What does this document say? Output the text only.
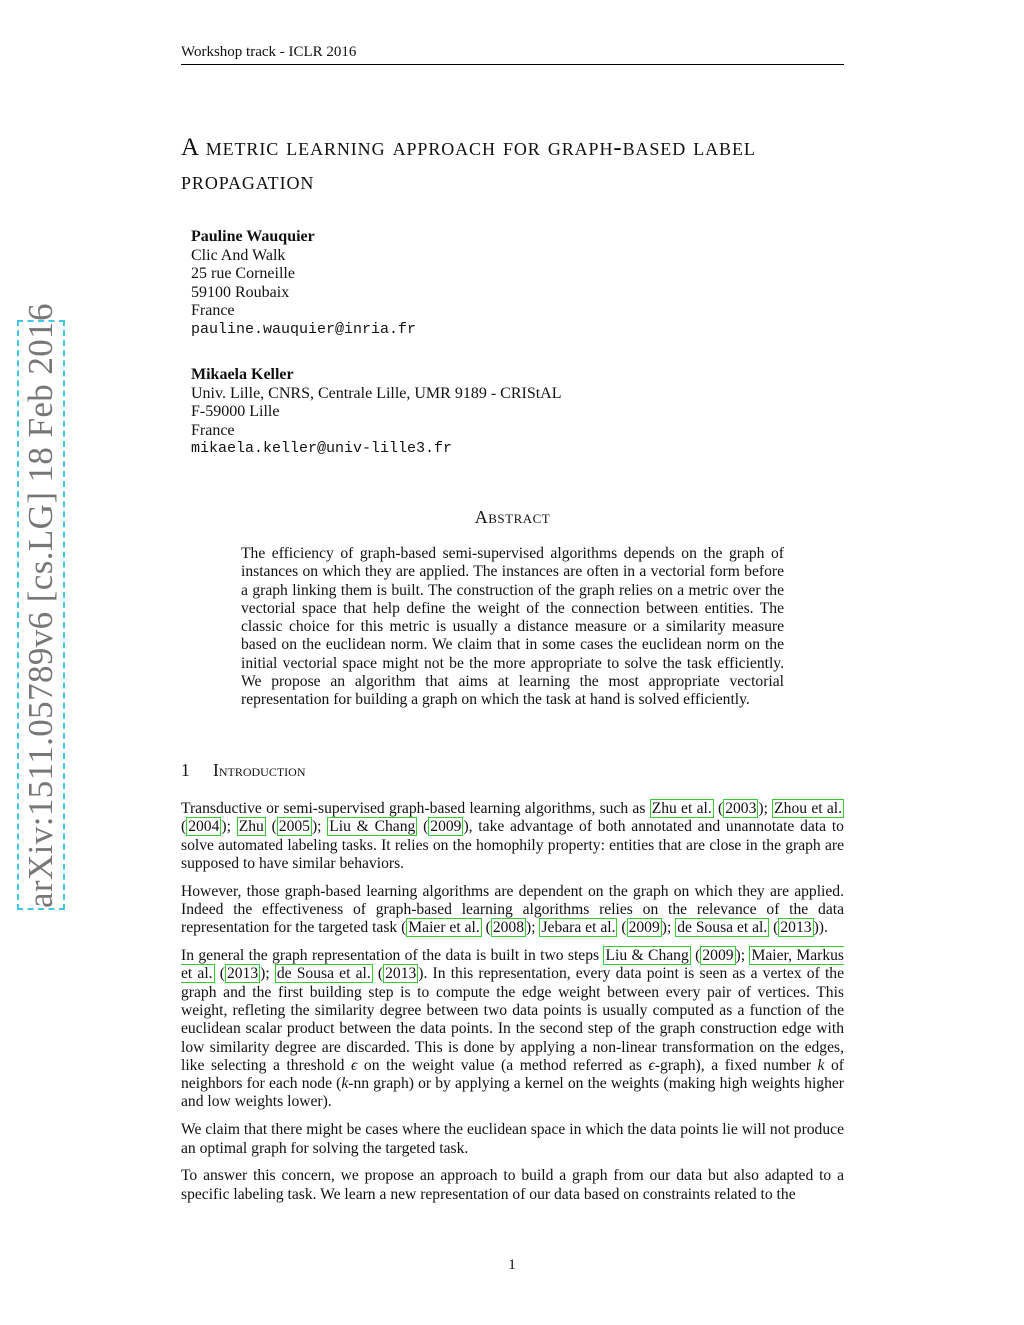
Workshop track - ICLR 2016
A metric learning approach for graph-based label propagation
Pauline Wauquier
Clic And Walk
25 rue Corneille
59100 Roubaix
France
pauline.wauquier@inria.fr
Mikaela Keller
Univ. Lille, CNRS, Centrale Lille, UMR 9189 - CRIStAL
F-59000 Lille
France
mikaela.keller@univ-lille3.fr
Abstract
The efficiency of graph-based semi-supervised algorithms depends on the graph of instances on which they are applied. The instances are often in a vectorial form before a graph linking them is built. The construction of the graph relies on a metric over the vectorial space that help define the weight of the connection between entities. The classic choice for this metric is usually a distance measure or a similarity measure based on the euclidean norm. We claim that in some cases the euclidean norm on the initial vectorial space might not be the more appropriate to solve the task efficiently. We propose an algorithm that aims at learning the most appropriate vectorial representation for building a graph on which the task at hand is solved efficiently.
1 Introduction

Transductive or semi-supervised graph-based learning algorithms, such as Zhu et al. ( 2003 ); Zhou et al. ( 2004 ); Zhu ( 2005 ); Liu & Chang ( 2009 ), take advantage of both annotated and unannotate data to solve automated labeling tasks. It relies on the homophily property: entities that are close in the graph are supposed to have similar behaviors.

However, those graph-based learning algorithms are dependent on the graph on which they are applied. Indeed the effectiveness of graph-based learning algorithms relies on the relevance of the data representation for the targeted task ( Maier et al. ( 2008 ); Jebara et al. ( 2009 ); de Sousa et al. ( 2013 )).

In general the graph representation of the data is built in two steps Liu & Chang ( 2009 ); Maier, Markus et al. ( 2013 ); de Sousa et al. ( 2013 ). In this representation, every data point is seen as a vertex of the graph and the first building step is to compute the edge weight between every pair of vertices. This weight, refleting the similarity degree between two data points is usually computed as a function of the euclidean scalar product between the data points. In the second step of the graph construction edge with low similarity degree are discarded. This is done by applying a non-linear transformation on the edges, like selecting a threshold ϵ on the weight value (a method referred as ϵ-graph), a fixed number k of neighbors for each node (k-nn graph) or by applying a kernel on the weights (making high weights higher and low weights lower).

We claim that there might be cases where the euclidean space in which the data points lie will not produce an optimal graph for solving the targeted task.

To answer this concern, we propose an approach to build a graph from our data but also adapted to a specific labeling task. We learn a new representation of our data based on constraints related to the

1
arXiv:1511.05789v6 [cs.LG] 18 Feb 2016
